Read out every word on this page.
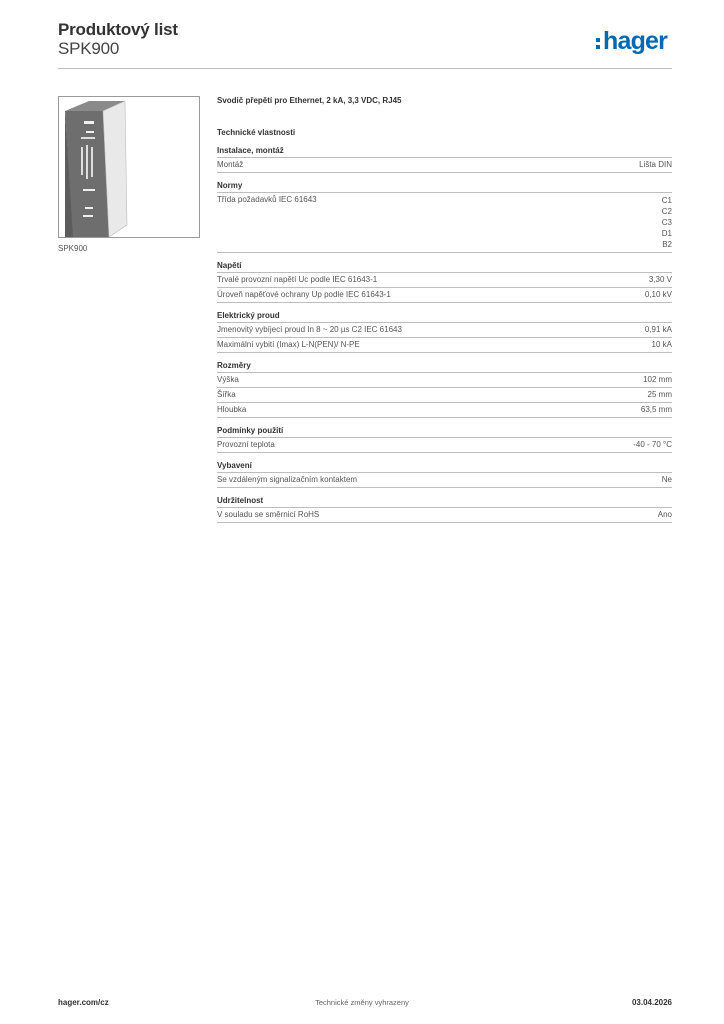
Produktový list
SPK900	hager
SPK900
Svodič přepětí pro Ethernet, 2 kA, 3,3 VDC, RJ45
Technické vlastnosti
Instalace, montáž
Montáž	Lišta DIN
Normy
Třída požadavků IEC 61643	C1
C2
C3
D1
B2
Napětí
Trvalé provozní napětí Uc podle IEC 61643-1	3,30 V
Úroveň napěťové ochrany Up podle IEC 61643-1	0,10 kV
Elektrický proud
Jmenovitý vybíjecí proud In 8 ~ 20 µs C2 IEC 61643	0,91 kA
Maximální vybití (Imax) L-N(PEN)/ N-PE	10 kA
Rozměry
Výška	102 mm
Šířka	25 mm
Hloubka	63,5 mm
Podmínky použití
Provozní teplota	-40 - 70 °C
Vybavení
Se vzdáleným signalizačním kontaktem	Ne
Udržitelnost
V souladu se směrnicí RoHS	Ano
hager.com/cz	Technické změny vyhrazeny	03.04.2026
